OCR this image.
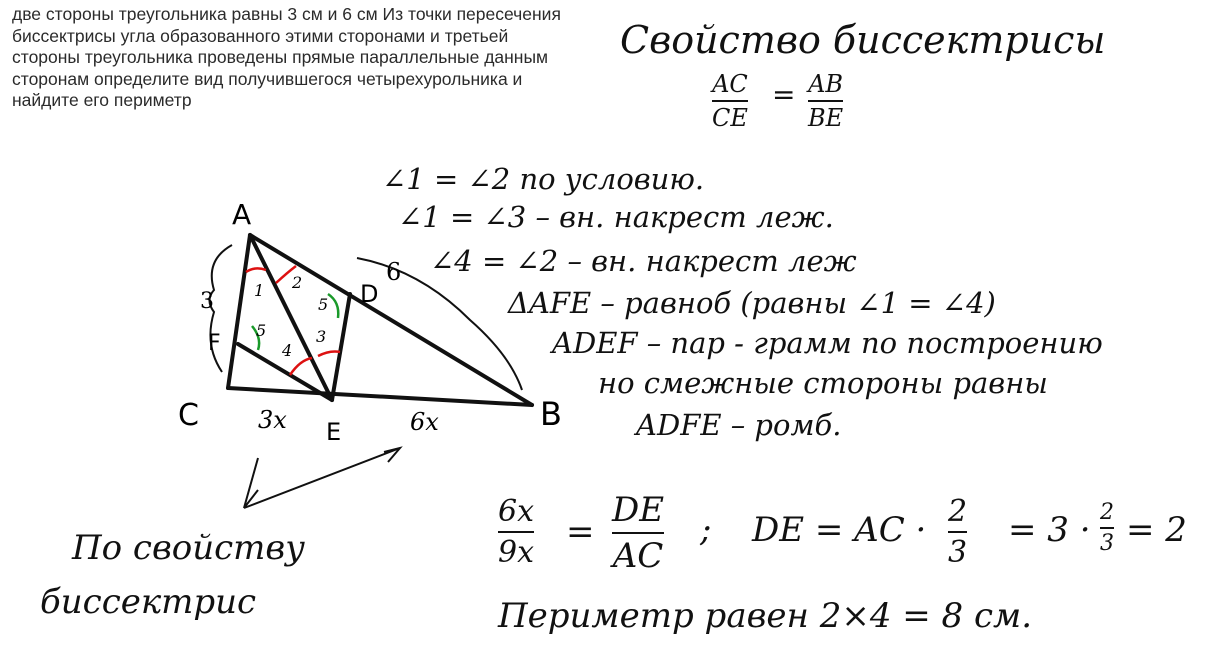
две стороны треугольника равны 3 см и 6 см Из точки пересечения биссектрисы угла образованного этими сторонами и третьей стороны треугольника проведены прямые параллельные данным сторонам определите вид получившегося четырехурольника и найдите его периметр
Свойство биссектрисы
AC
CE
= AB
BE
∠1 = ∠2 по условию.
∠1 = ∠3 – вн. накрест леж.
∠4 = ∠2 – вн. накрест леж
ΔAFE – равноб (равны ∠1 = ∠4)
ADEF – пар - грамм по построению
но смежные стороны равны
ADFE – ромб.
A
C	B
D
E
F
3
6
3x	6x
1 2
5	3
5
4
По свойству
биссектрис
6x
9x
=
DE
AC
; DE = AC · 2
3
= 3 · 2
3 = 2
Периметр равен 2×4 = 8 см.
